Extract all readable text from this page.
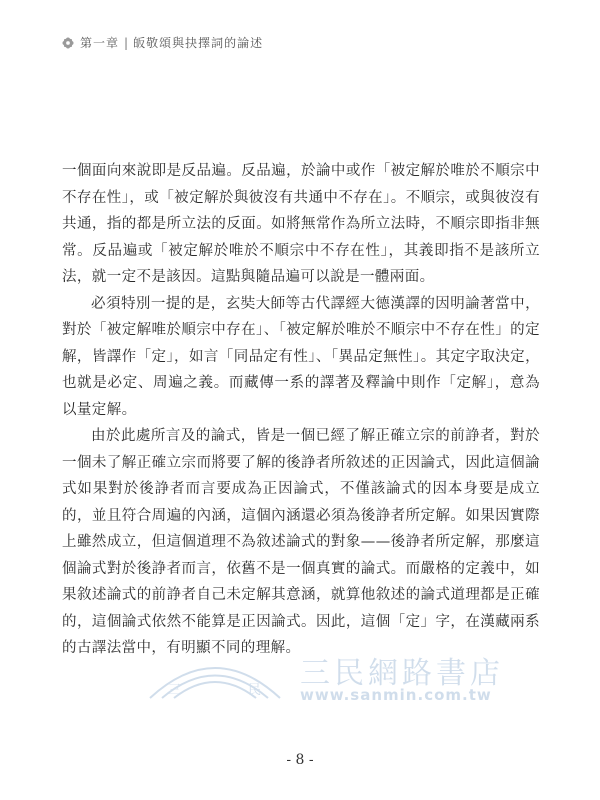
第一章 | 皈敬頌與抉擇詞的論述

一個面向來說即是反品遍。反品遍，於論中或作「被定解於唯於不順宗中不存在性」，或「被定解於與彼沒有共通中不存在」。不順宗，或與彼沒有共通，指的都是所立法的反面。如將無常作為所立法時，不順宗即指非無常。反品遍或「被定解於唯於不順宗中不存在性」，其義即指不是該所立法，就一定不是該因。這點與隨品遍可以說是一體兩面。

必須特別一提的是，玄奘大師等古代譯經大德漢譯的因明論著當中，對於「被定解唯於順宗中存在」、「被定解於唯於不順宗中不存在性」的定解，皆譯作「定」，如言「同品定有性」、「異品定無性」。其定字取決定，也就是必定、周遍之義。而藏傳一系的譯著及釋論中則作「定解」，意為以量定解。

由於此處所言及的論式，皆是一個已經了解正確立宗的前諍者，對於一個未了解正確立宗而將要了解的後諍者所敘述的正因論式，因此這個論式如果對於後諍者而言要成為正因論式，不僅該論式的因本身要是成立的，並且符合周遍的內涵，這個內涵還必須為後諍者所定解。如果因實際上雖然成立，但這個道理不為敘述論式的對象——後諍者所定解，那麼這個論式對於後諍者而言，依舊不是一個真實的論式。而嚴格的定義中，如果敘述論式的前諍者自己未定解其意涵，就算他敘述的論式道理都是正確的，這個論式依然不能算是正因論式。因此，這個「定」字，在漢藏兩系的古譯法當中，有明顯不同的理解。

三	民 三民網路書店
www.sanmin.com.tw
- 8 -
